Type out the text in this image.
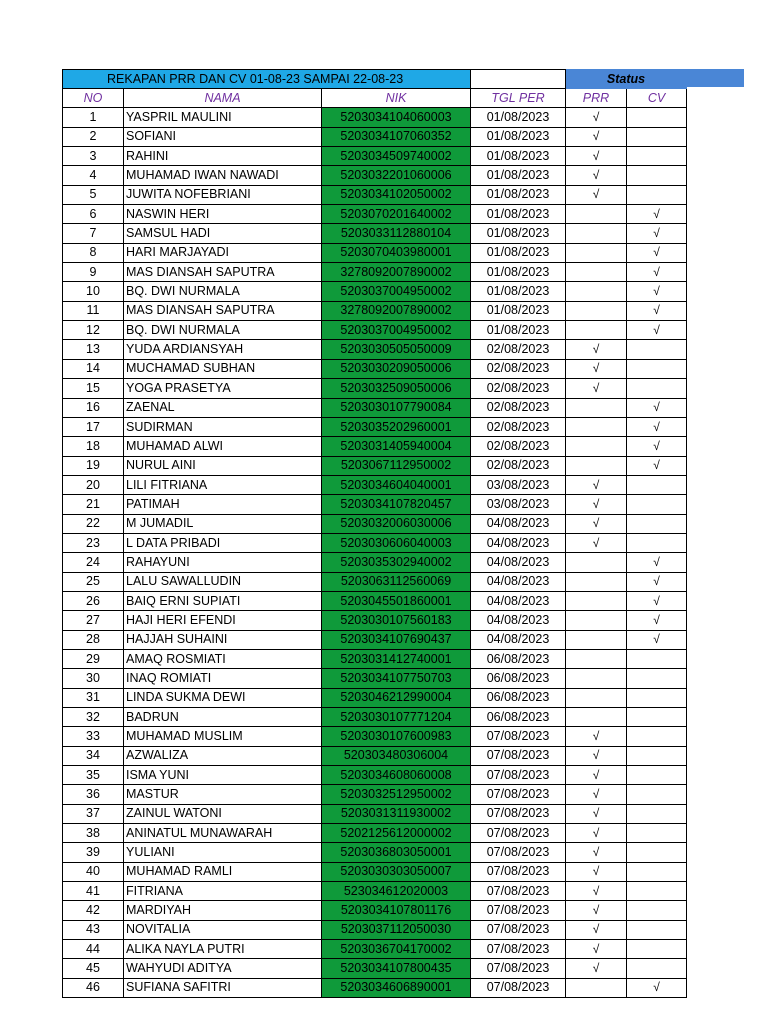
REKAPAN PRR DAN CV 01-08-23 SAMPAI 22-08-23				Status	
NO	NAMA	NIK	TGL PER	PRR	CV
1	YASPRIL MAULINI	5203034104060003	01/08/2023	√	
2	SOFIANI	5203034107060352	01/08/2023	√	
3	RAHINI	5203034509740002	01/08/2023	√	
4	MUHAMAD IWAN NAWADI	5203032201060006	01/08/2023	√	
5	JUWITA NOFEBRIANI	5203034102050002	01/08/2023	√	
6	NASWIN HERI	5203070201640002	01/08/2023		√
7	SAMSUL HADI	5203033112880104	01/08/2023		√
8	HARI MARJAYADI	5203070403980001	01/08/2023		√
9	MAS DIANSAH SAPUTRA	3278092007890002	01/08/2023		√
10	BQ. DWI NURMALA	5203037004950002	01/08/2023		√
11	MAS DIANSAH SAPUTRA	3278092007890002	01/08/2023		√
12	BQ. DWI NURMALA	5203037004950002	01/08/2023		√
13	YUDA ARDIANSYAH	5203030505050009	02/08/2023	√	
14	MUCHAMAD SUBHAN	5203030209050006	02/08/2023	√	
15	YOGA PRASETYA	5203032509050006	02/08/2023	√	
16	ZAENAL	5203030107790084	02/08/2023		√
17	SUDIRMAN	5203035202960001	02/08/2023		√
18	MUHAMAD ALWI	5203031405940004	02/08/2023		√
19	NURUL AINI	5203067112950002	02/08/2023		√
20	LILI FITRIANA	5203034604040001	03/08/2023	√	
21	PATIMAH	5203034107820457	03/08/2023	√	
22	M JUMADIL	5203032006030006	04/08/2023	√	
23	L DATA PRIBADI	5203030606040003	04/08/2023	√	
24	RAHAYUNI	5203035302940002	04/08/2023		√
25	LALU SAWALLUDIN	5203063112560069	04/08/2023		√
26	BAIQ ERNI SUPIATI	5203045501860001	04/08/2023		√
27	HAJI HERI EFENDI	5203030107560183	04/08/2023		√
28	HAJJAH SUHAINI	5203034107690437	04/08/2023		√
29	AMAQ ROSMIATI	5203031412740001	06/08/2023		
30	INAQ ROMIATI	5203034107750703	06/08/2023		
31	LINDA SUKMA DEWI	5203046212990004	06/08/2023		
32	BADRUN	5203030107771204	06/08/2023		
33	MUHAMAD MUSLIM	5203030107600983	07/08/2023	√	
34	AZWALIZA	520303480306004	07/08/2023	√	
35	ISMA YUNI	5203034608060008	07/08/2023	√	
36	MASTUR	5203032512950002	07/08/2023	√	
37	ZAINUL WATONI	5203031311930002	07/08/2023	√	
38	ANINATUL MUNAWARAH	5202125612000002	07/08/2023	√	
39	YULIANI	5203036803050001	07/08/2023	√	
40	MUHAMAD RAMLI	5203030303050007	07/08/2023	√	
41	FITRIANA	523034612020003	07/08/2023	√	
42	MARDIYAH	5203034107801176	07/08/2023	√	
43	NOVITALIA	5203037112050030	07/08/2023	√	
44	ALIKA NAYLA PUTRI	5203036704170002	07/08/2023	√	
45	WAHYUDI ADITYA	5203034107800435	07/08/2023	√	
46	SUFIANA SAFITRI	5203034606890001	07/08/2023		√
